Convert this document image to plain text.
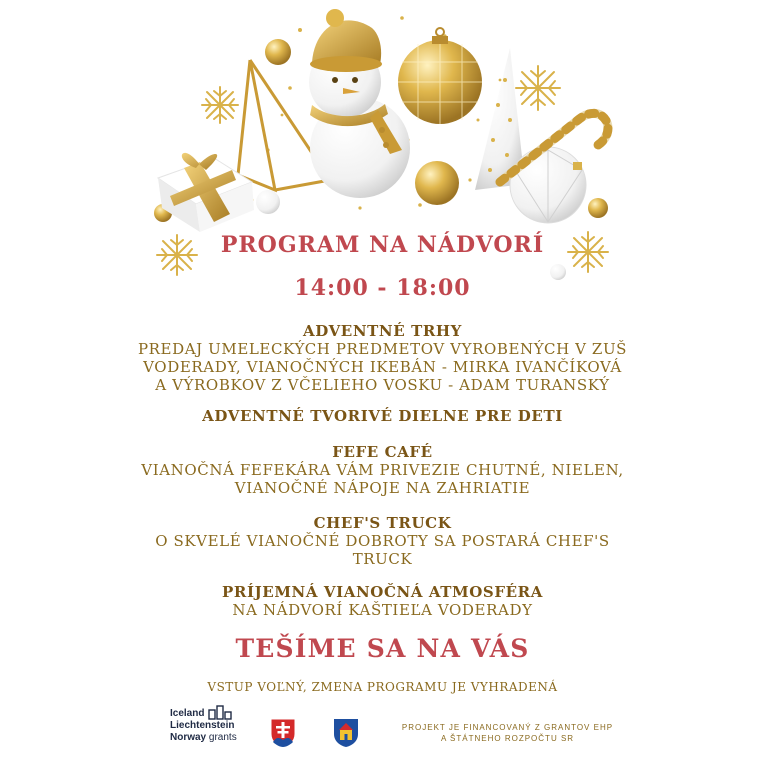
PROGRAM NA NÁDVORÍ
14:00 - 18:00
ADVENTNÉ TRHY
PREDAJ UMELECKÝCH PREDMETOV VYROBENÝCH V ZUŠ
VODERADY, VIANOČNÝCH IKEBÁN - MIRKA IVANČÍKOVÁ
A VÝROBKOV Z VČELIEHO VOSKU - ADAM TURANSKÝ
ADVENTNÉ TVORIVÉ DIELNE PRE DETI
FEFE CAFÉ
VIANOČNÁ FEFEKÁRA VÁM PRIVEZIE CHUTNÉ, NIELEN,
VIANOČNÉ NÁPOJE NA ZAHRIATIE
CHEF'S TRUCK
O SKVELÉ VIANOČNÉ DOBROTY SA POSTARÁ CHEF'S
TRUCK
PRÍJEMNÁ VIANOČNÁ ATMOSFÉRA
NA NÁDVORÍ KAŠTIEĽA VODERADY
TEŠÍME SA NA VÁS
VSTUP VOĽNÝ, ZMENA PROGRAMU JE VYHRADENÁ
Iceland
Liechtenstein
Norway grants
PROJEKT JE FINANCOVANÝ Z GRANTOV EHP
A ŠTÁTNEHO ROZPOČTU SR
